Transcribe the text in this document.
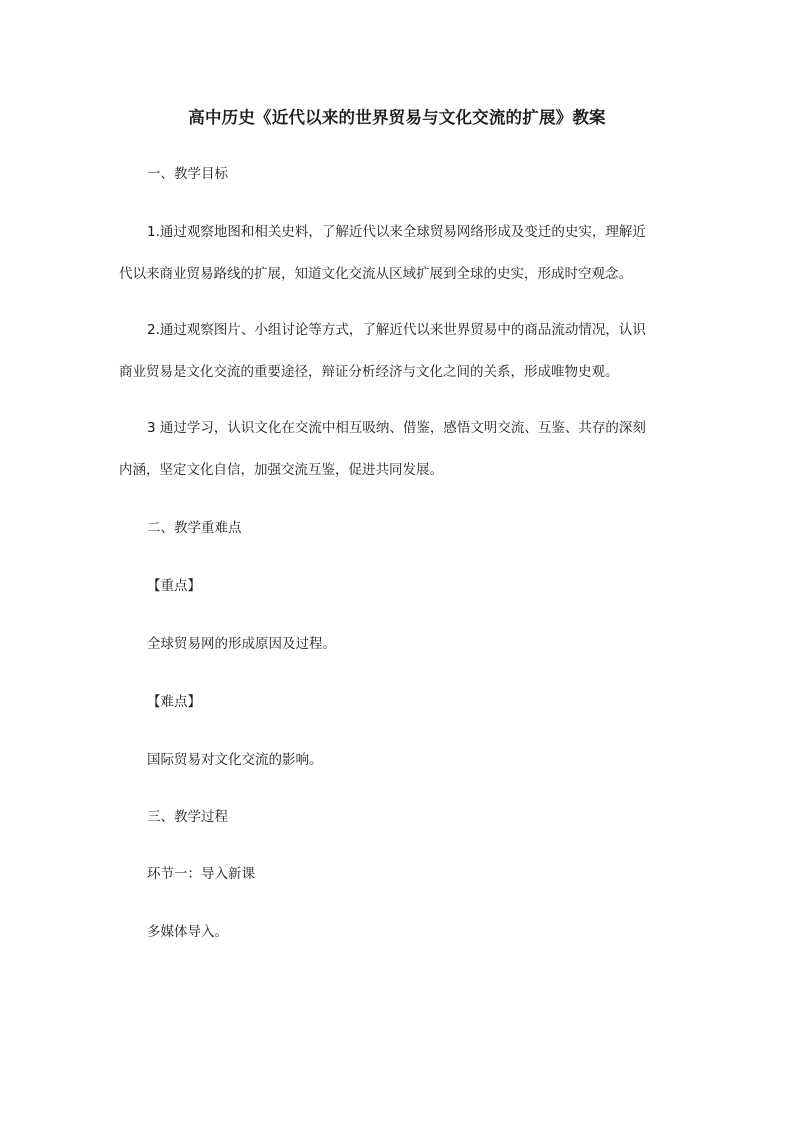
高中历史《近代以来的世界贸易与文化交流的扩展》教案
一、教学目标
1.通过观察地图和相关史料，了解近代以来全球贸易网络形成及变迁的史实，理解近
代以来商业贸易路线的扩展，知道文化交流从区域扩展到全球的史实，形成时空观念。
2.通过观察图片、小组讨论等方式，了解近代以来世界贸易中的商品流动情况，认识
商业贸易是文化交流的重要途径，辩证分析经济与文化之间的关系，形成唯物史观。
3 通过学习，认识文化在交流中相互吸纳、借鉴，感悟文明交流、互鉴、共存的深刻
内涵，坚定文化自信，加强交流互鉴，促进共同发展。
二、教学重难点
【重点】
全球贸易网的形成原因及过程。
【难点】
国际贸易对文化交流的影响。
三、教学过程
环节一：导入新课
多媒体导入。
